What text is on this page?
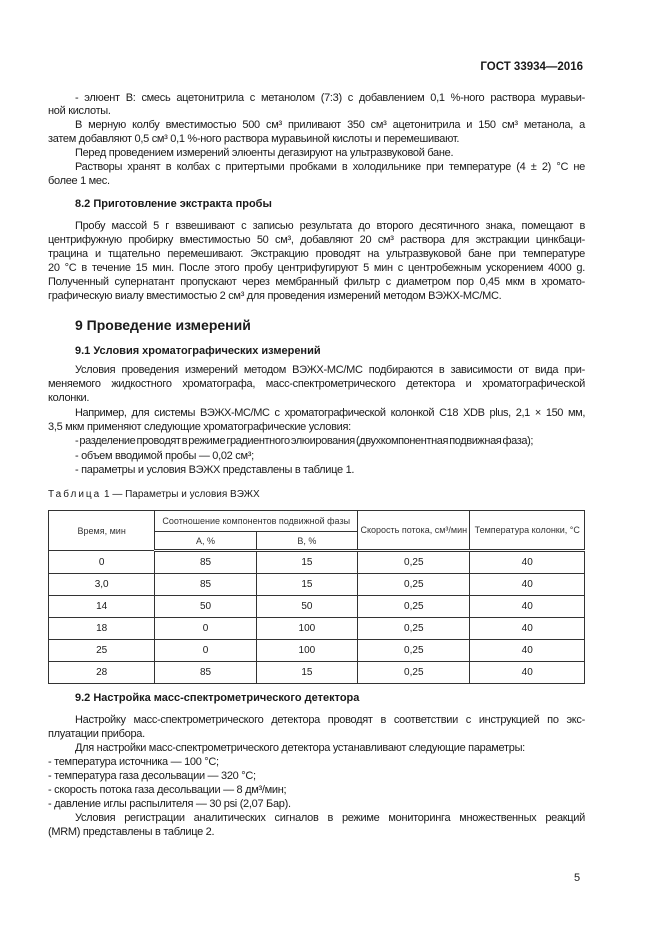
ГОСТ 33934—2016
- элюент В: смесь ацетонитрила с метанолом (7:3) с добавлением 0,1 %-ного раствора муравьи-
ной кислоты.
В мерную колбу вместимостью 500 см³ приливают 350 см³ ацетонитрила и 150 см³ метанола, а
затем добавляют 0,5 см³ 0,1 %-ного раствора муравьиной кислоты и перемешивают.
Перед проведением измерений элюенты дегазируют на ультразвуковой бане.
Растворы хранят в колбах с притертыми пробками в холодильнике при температуре (4 ± 2) °С не
более 1 мес.
8.2 Приготовление экстракта пробы
Пробу массой 5 г взвешивают с записью результата до второго десятичного знака, помещают в
центрифужную пробирку вместимостью 50 см³, добавляют 20 см³ раствора для экстракции цинкбаци-
трацина и тщательно перемешивают. Экстракцию проводят на ультразвуковой бане при температуре
20 °С в течение 15 мин. После этого пробу центрифугируют 5 мин с центробежным ускорением 4000 g.
Полученный супернатант пропускают через мембранный фильтр с диаметром пор 0,45 мкм в хромато-
графическую виалу вместимостью 2 см³ для проведения измерений методом ВЭЖХ-МС/МС.
9 Проведение измерений
9.1 Условия хроматографических измерений
Условия проведения измерений методом ВЭЖХ-МС/МС подбираются в зависимости от вида при-
меняемого жидкостного хроматографа, масс-спектрометрического детектора и хроматографической
колонки.
Например, для системы ВЭЖХ-МС/МС с хроматографической колонкой C18 XDB plus, 2,1 × 150 мм,
3,5 мкм применяют следующие хроматографические условия:
- разделение проводят в режиме градиентного элюирования (двухкомпонентная подвижная фаза);
- объем вводимой пробы — 0,02 см³;
- параметры и условия ВЭЖХ представлены в таблице 1.
Таблица 1 — Параметры и условия ВЭЖХ
Время, мин	Соотношение компонентов подвижной фазы		Скорость потока, см³/мин	Температура колонки, °С
	А, %	В, %		
0	85	15	0,25	40
3,0	85	15	0,25	40
14	50	50	0,25	40
18	0	100	0,25	40
25	0	100	0,25	40
28	85	15	0,25	40
9.2 Настройка масс-спектрометрического детектора
Настройку масс-спектрометрического детектора проводят в соответствии с инструкцией по экс-
плуатации прибора.
Для настройки масс-спектрометрического детектора устанавливают следующие параметры:
- температура источника — 100 °С;
- температура газа десольвации — 320 °С;
- скорость потока газа десольвации — 8 дм³/мин;
- давление иглы распылителя — 30 psi (2,07 Бар).
Условия регистрации аналитических сигналов в режиме мониторинга множественных реакций
(MRM) представлены в таблице 2.
5
